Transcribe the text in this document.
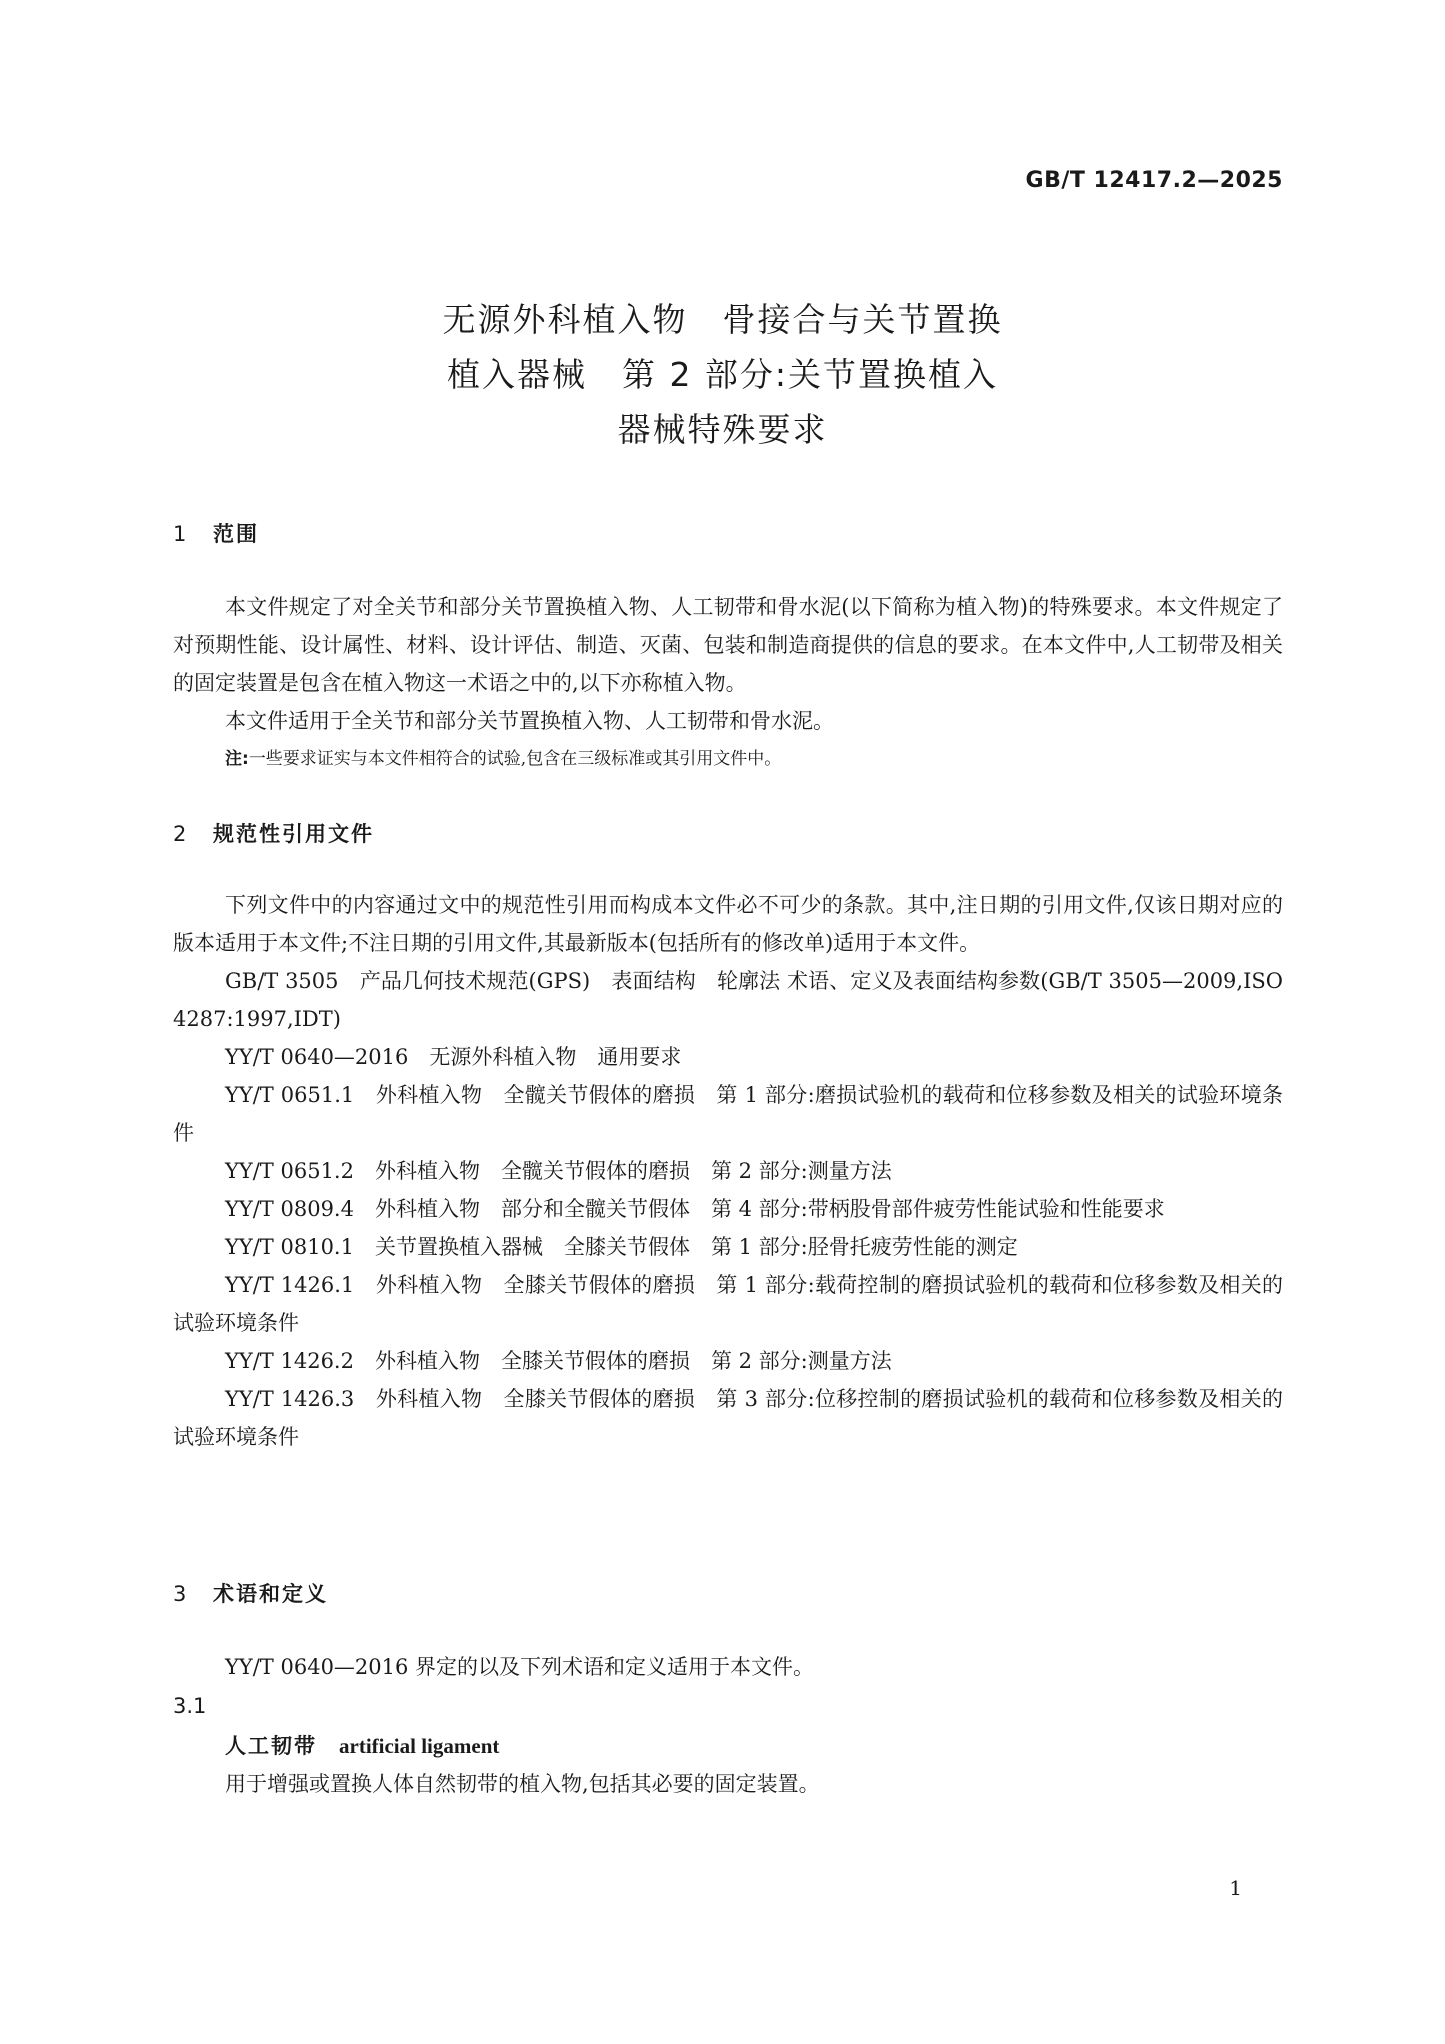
GB/T 12417.2—2025
无源外科植入物　骨接合与关节置换
植入器械　第 2 部分:关节置换植入
器械特殊要求
1 范围

本文件规定了对全关节和部分关节置换植入物、人工韧带和骨水泥(以下简称为植入物)的特殊要求。本文件规定了对预期性能、设计属性、材料、设计评估、制造、灭菌、包装和制造商提供的信息的要求。在本文件中,人工韧带及相关的固定装置是包含在植入物这一术语之中的,以下亦称植入物。

本文件适用于全关节和部分关节置换植入物、人工韧带和骨水泥。

注:一些要求证实与本文件相符合的试验,包含在三级标准或其引用文件中。
2 规范性引用文件

下列文件中的内容通过文中的规范性引用而构成本文件必不可少的条款。其中,注日期的引用文件,仅该日期对应的版本适用于本文件;不注日期的引用文件,其最新版本(包括所有的修改单)适用于本文件。

GB/T 3505　产品几何技术规范(GPS)　表面结构　轮廓法 术语、定义及表面结构参数(GB/T 3505—2009,ISO 4287:1997,IDT)

YY/T 0640—2016　无源外科植入物　通用要求

YY/T 0651.1　外科植入物　全髋关节假体的磨损　第 1 部分:磨损试验机的载荷和位移参数及相关的试验环境条件

YY/T 0651.2　外科植入物　全髋关节假体的磨损　第 2 部分:测量方法

YY/T 0809.4　外科植入物　部分和全髋关节假体　第 4 部分:带柄股骨部件疲劳性能试验和性能要求

YY/T 0810.1　关节置换植入器械　全膝关节假体　第 1 部分:胫骨托疲劳性能的测定

YY/T 1426.1　外科植入物　全膝关节假体的磨损　第 1 部分:载荷控制的磨损试验机的载荷和位移参数及相关的试验环境条件

YY/T 1426.2　外科植入物　全膝关节假体的磨损　第 2 部分:测量方法

YY/T 1426.3　外科植入物　全膝关节假体的磨损　第 3 部分:位移控制的磨损试验机的载荷和位移参数及相关的试验环境条件

3 术语和定义

YY/T 0640—2016 界定的以及下列术语和定义适用于本文件。

3.1
人工韧带 artificial ligament
用于增强或置换人体自然韧带的植入物,包括其必要的固定装置。
1
